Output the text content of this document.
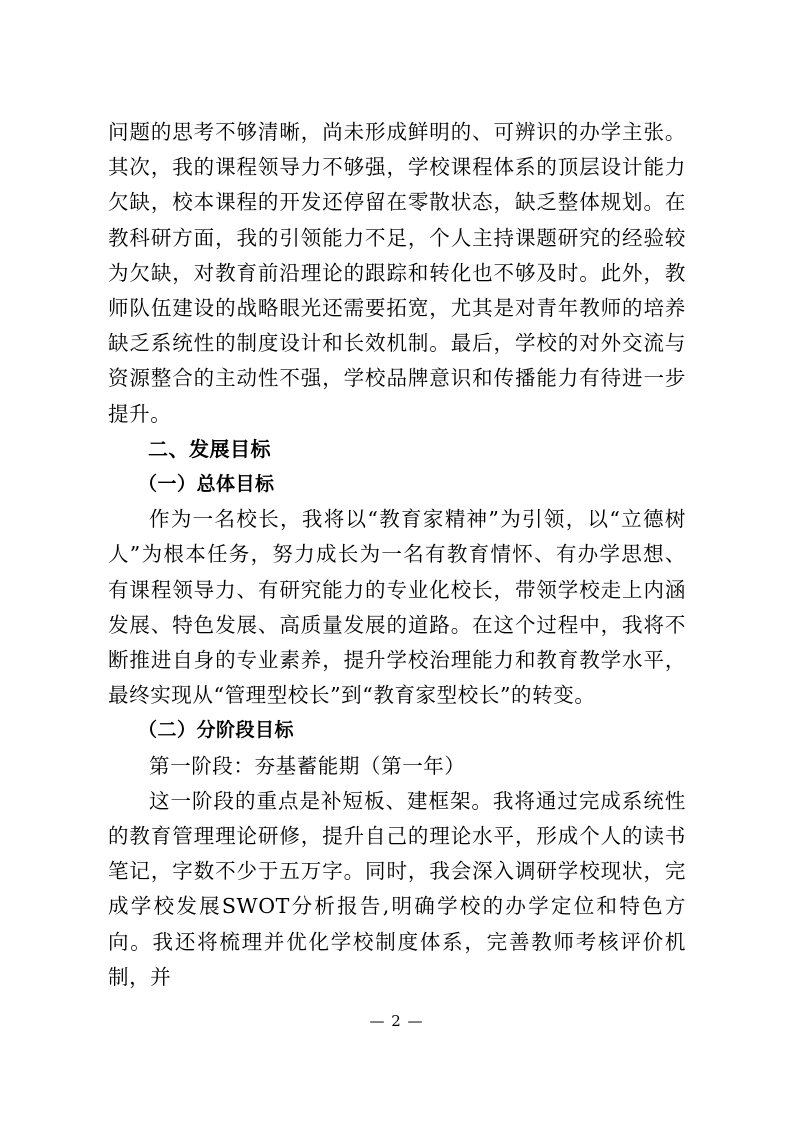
问题的思考不够清晰，尚未形成鲜明的、可辨识的办学主张。其次，我的课程领导力不够强，学校课程体系的顶层设计能力欠缺，校本课程的开发还停留在零散状态，缺乏整体规划。在教科研方面，我的引领能力不足，个人主持课题研究的经验较为欠缺，对教育前沿理论的跟踪和转化也不够及时。此外，教师队伍建设的战略眼光还需要拓宽，尤其是对青年教师的培养缺乏系统性的制度设计和长效机制。最后，学校的对外交流与资源整合的主动性不强，学校品牌意识和传播能力有待进一步提升。

二、发展目标

（一）总体目标

作为一名校长，我将以“教育家精神”为引领，以“立德树人”为根本任务，努力成长为一名有教育情怀、有办学思想、有课程领导力、有研究能力的专业化校长，带领学校走上内涵发展、特色发展、高质量发展的道路。在这个过程中，我将不断推进自身的专业素养，提升学校治理能力和教育教学水平，最终实现从“管理型校长”到“教育家型校长”的转变。

（二）分阶段目标

第一阶段：夯基蓄能期（第一年）

这一阶段的重点是补短板、建框架。我将通过完成系统性的教育管理理论研修，提升自己的理论水平，形成个人的读书笔记，字数不少于五万字。同时，我会深入调研学校现状，完成学校发展SWOT分析报告,明确学校的办学定位和特色方向。我还将梳理并优化学校制度体系，完善教师考核评价机制，并

— 2 —
